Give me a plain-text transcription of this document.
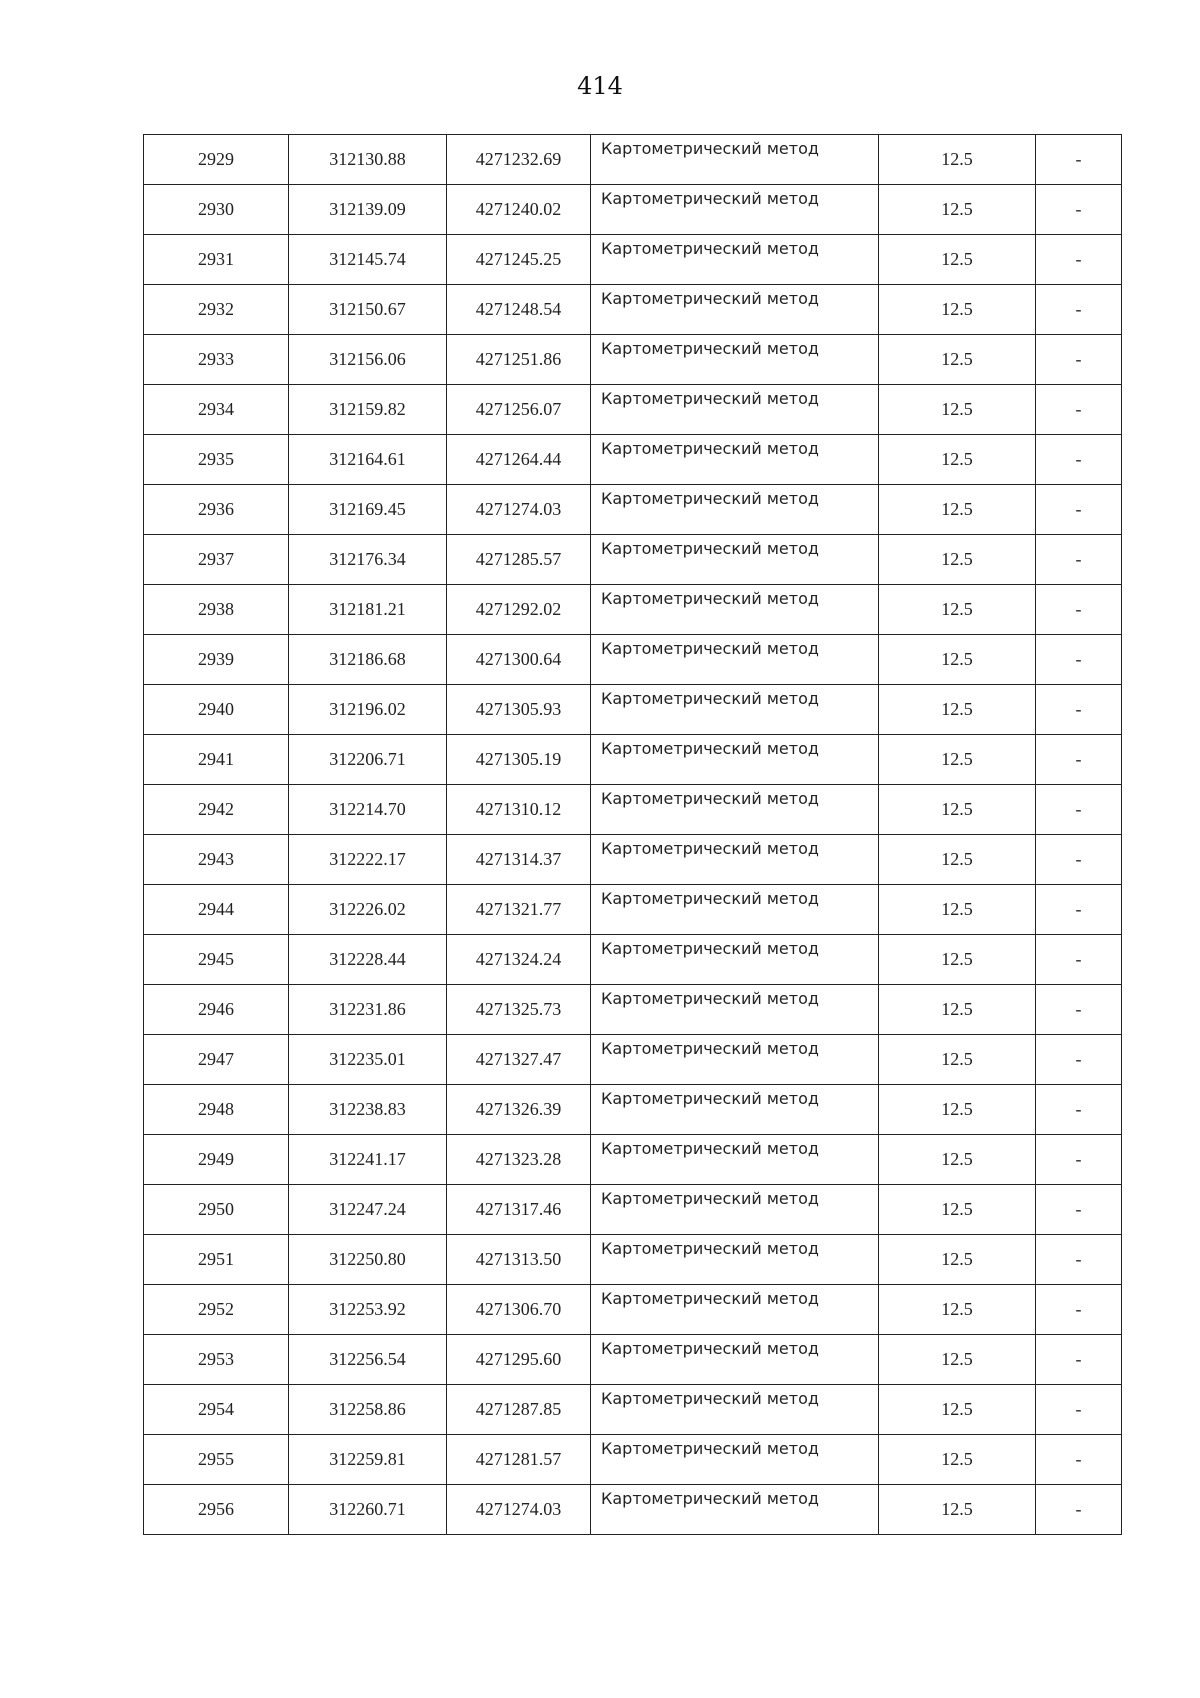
414
2929	312130.88	4271232.69	Картометрический метод	12.5	-
2930	312139.09	4271240.02	Картометрический метод	12.5	-
2931	312145.74	4271245.25	Картометрический метод	12.5	-
2932	312150.67	4271248.54	Картометрический метод	12.5	-
2933	312156.06	4271251.86	Картометрический метод	12.5	-
2934	312159.82	4271256.07	Картометрический метод	12.5	-
2935	312164.61	4271264.44	Картометрический метод	12.5	-
2936	312169.45	4271274.03	Картометрический метод	12.5	-
2937	312176.34	4271285.57	Картометрический метод	12.5	-
2938	312181.21	4271292.02	Картометрический метод	12.5	-
2939	312186.68	4271300.64	Картометрический метод	12.5	-
2940	312196.02	4271305.93	Картометрический метод	12.5	-
2941	312206.71	4271305.19	Картометрический метод	12.5	-
2942	312214.70	4271310.12	Картометрический метод	12.5	-
2943	312222.17	4271314.37	Картометрический метод	12.5	-
2944	312226.02	4271321.77	Картометрический метод	12.5	-
2945	312228.44	4271324.24	Картометрический метод	12.5	-
2946	312231.86	4271325.73	Картометрический метод	12.5	-
2947	312235.01	4271327.47	Картометрический метод	12.5	-
2948	312238.83	4271326.39	Картометрический метод	12.5	-
2949	312241.17	4271323.28	Картометрический метод	12.5	-
2950	312247.24	4271317.46	Картометрический метод	12.5	-
2951	312250.80	4271313.50	Картометрический метод	12.5	-
2952	312253.92	4271306.70	Картометрический метод	12.5	-
2953	312256.54	4271295.60	Картометрический метод	12.5	-
2954	312258.86	4271287.85	Картометрический метод	12.5	-
2955	312259.81	4271281.57	Картометрический метод	12.5	-
2956	312260.71	4271274.03	Картометрический метод	12.5	-
